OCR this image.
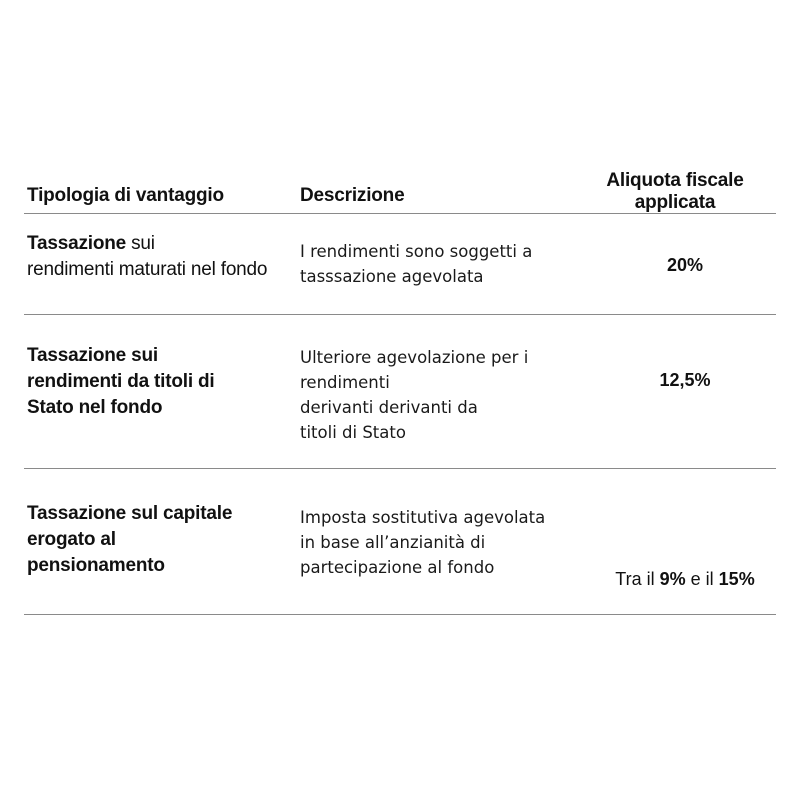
Tipologia di vantaggio	Descrizione
Aliquota fiscale
applicata
Tassazione sui
rendimenti maturati nel fondo
I rendimenti sono soggetti a
tasssazione agevolata
20%
Tassazione sui
rendimenti da titoli di
Stato nel fondo
Ulteriore agevolazione per i
rendimenti
derivanti derivanti da
titoli di Stato
12,5%
Tassazione sul capitale
erogato al
pensionamento
Imposta sostitutiva agevolata
in base all’anzianità di
partecipazione al fondo
Tra il 9% e il 15%
